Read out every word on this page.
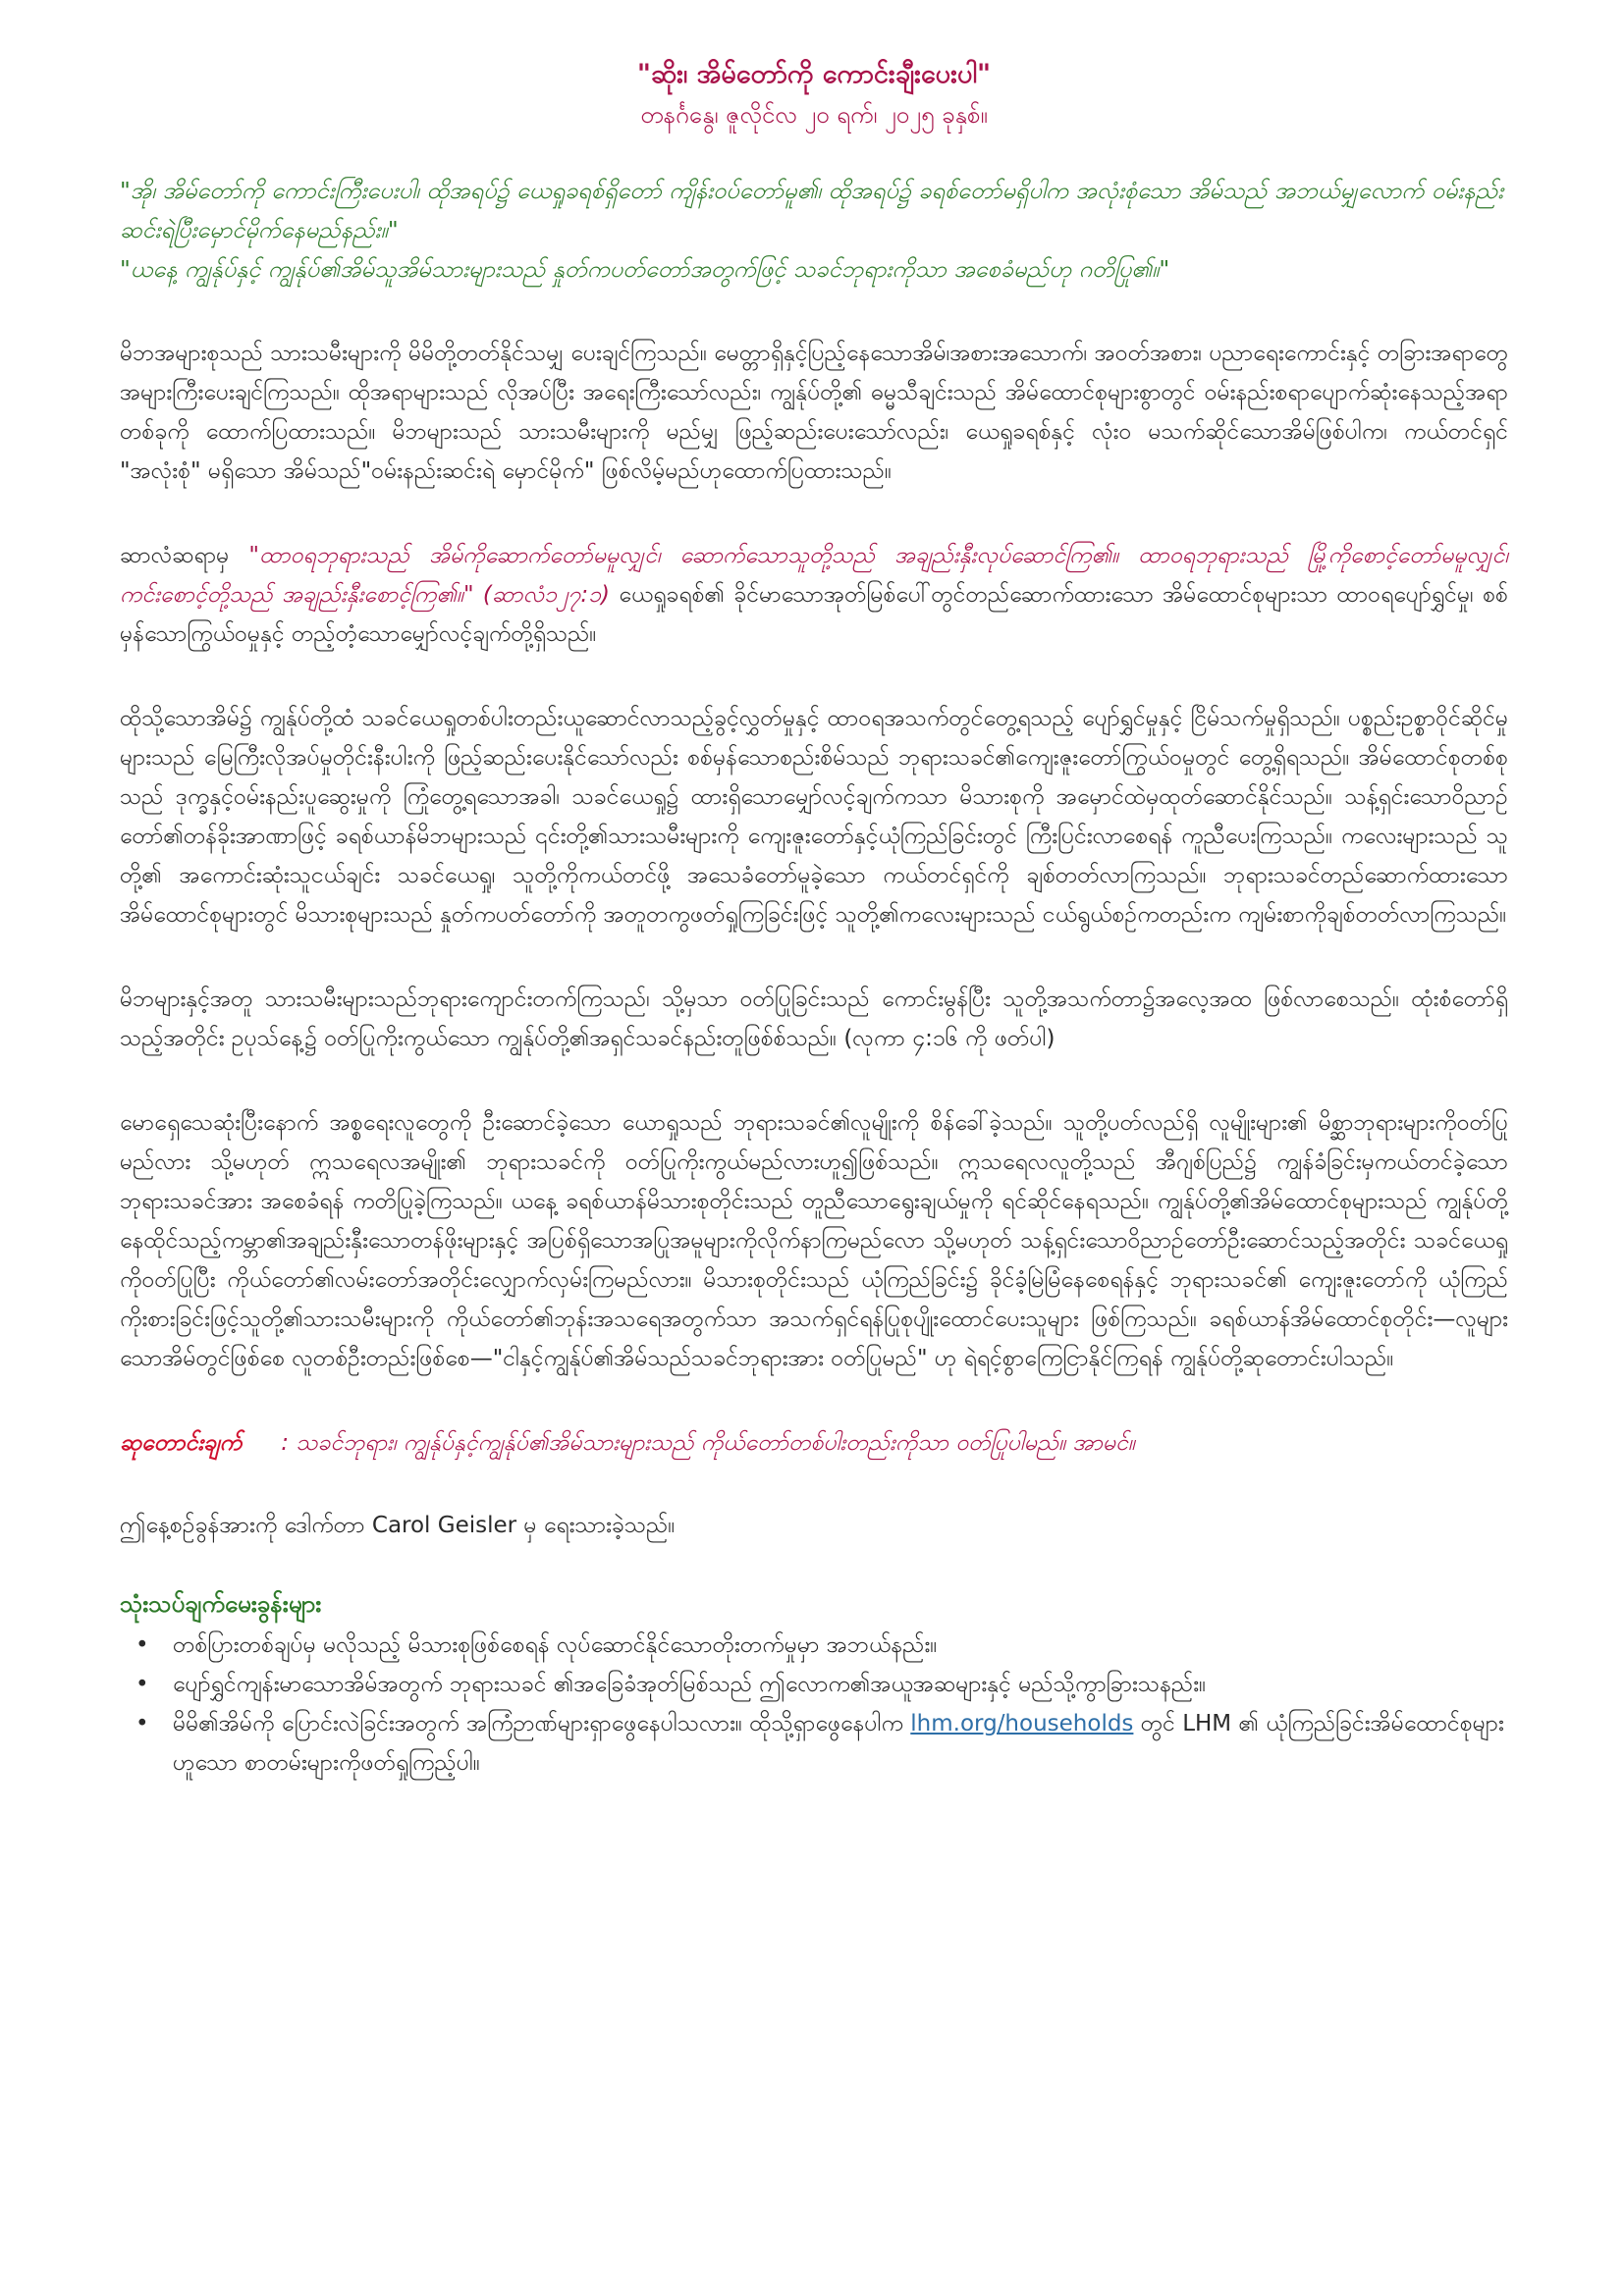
"ဆိုး၊ အိမ်တော်ကို ကောင်းချီးပေးပါ"
တနင်္ဂနွေ၊ ဇူလိုင်လ ၂၀ ရက်၊ ၂၀၂၅ ခုနှစ်။

"အို၊ အိမ်တော်ကို ကောင်းကြီးပေးပါ၊ ထိုအရပ်၌ ယေရှုခရစ်ရှိတော် ကျိန်းဝပ်တော်မူ၏၊ ထိုအရပ်၌ ခရစ်တော်မရှိပါက အလုံးစုံသော အိမ်သည် အဘယ်မျှလောက် ဝမ်းနည်းဆင်းရဲပြီးမှောင်မိုက်နေမည်နည်း။"

"ယနေ့ ကျွန်ုပ်နှင့် ကျွန်ုပ်၏အိမ်သူအိမ်သားများသည် နှုတ်ကပတ်တော်အတွက်ဖြင့် သခင်ဘုရားကိုသာ အစေခံမည်ဟု ဂတိပြု၏။"

မိဘအများစုသည် သားသမီးများကို မိမိတို့တတ်နိုင်သမျှ ပေးချင်ကြသည်။ မေတ္တာရှိနှင့်ပြည့်နေသောအိမ်၊အစားအသောက်၊ အဝတ်အစား၊ ပညာရေးကောင်းနှင့် တခြားအရာတွေ အများကြီးပေးချင်ကြသည်။ ထိုအရာများသည် လိုအပ်ပြီး အရေးကြီးသော်လည်း၊ ကျွန်ုပ်တို့၏ ဓမ္မသီချင်းသည် အိမ်ထောင်စုများစွာတွင် ဝမ်းနည်းစရာပျောက်ဆုံးနေသည့်အရာတစ်ခုကို ထောက်ပြထားသည်။ မိဘများသည် သားသမီးများကို မည်မျှ ဖြည့်ဆည်းပေးသော်လည်း၊ ယေရှုခရစ်နှင့် လုံးဝ မသက်ဆိုင်သောအိမ်ဖြစ်ပါက၊ ကယ်တင်ရှင် "အလုံးစုံ" မရှိသော အိမ်သည်"ဝမ်းနည်းဆင်းရဲ မှောင်မိုက်" ဖြစ်လိမ့်မည်ဟုထောက်ပြထားသည်။

ဆာလံဆရာမှ "ထာဝရဘုရားသည် အိမ်ကိုဆောက်တော်မမူလျှင်၊ ဆောက်သောသူတို့သည် အချည်းနှီးလုပ်ဆောင်ကြ၏။ ထာဝရဘုရားသည် မြို့ကိုစောင့်တော်မမူလျှင်၊ ကင်းစောင့်တို့သည် အချည်းနှီးစောင့်ကြ၏။" (ဆာလံ၁၂၇:၁) ယေရှုခရစ်၏ ခိုင်မာသောအုတ်မြစ်ပေါ်တွင်တည်ဆောက်ထားသော အိမ်ထောင်စုများသာ ထာဝရပျော်ရွှင်မှု၊ စစ်မှန်သောကြွယ်ဝမှုနှင့် တည့်တံ့သောမျှော်လင့်ချက်တို့ရှိသည်။

ထိုသို့သောအိမ်၌ ကျွန်ုပ်တို့ထံ သခင်ယေရှုတစ်ပါးတည်းယူဆောင်လာသည့်ခွင့်လွှတ်မှုနှင့် ထာဝရအသက်တွင်တွေ့ရသည့် ပျော်ရွှင်မှုနှင့် ငြိမ်သက်မှုရှိသည်။ ပစ္စည်းဥစ္စာဝိုင်ဆိုင်မှုများသည် မြေကြီးလိုအပ်မှုတိုင်းနီးပါးကို ဖြည့်ဆည်းပေးနိုင်သော်လည်း စစ်မှန်သောစည်းစိမ်သည် ဘုရားသခင်၏ကျေးဇူးတော်ကြွယ်ဝမှုတွင် တွေ့ရှိရသည်။ အိမ်ထောင်စုတစ်စုသည် ဒုက္ခနှင့်ဝမ်းနည်းပူဆွေးမှုကို ကြုံတွေ့ရသောအခါ၊ သခင်ယေရှု၌ ထားရှိသောမျှော်လင့်ချက်ကသာ မိသားစုကို အမှောင်ထဲမှထုတ်ဆောင်နိုင်သည်။ သန့်ရှင်းသောဝိညာဉ်တော်၏တန်ခိုးအာဏာဖြင့် ခရစ်ယာန်မိဘများသည် ၎င်းတို့၏သားသမီးများကို ကျေးဇူးတော်နှင့်ယုံကြည်ခြင်းတွင် ကြီးပြင်းလာစေရန် ကူညီပေးကြသည်။ ကလေးများသည် သူတို့၏ အကောင်းဆုံးသူငယ်ချင်း သခင်ယေရှု၊ သူတို့ကိုကယ်တင်ဖို့ အသေခံတော်မူခဲ့သော ကယ်တင်ရှင်ကို ချစ်တတ်လာကြသည်။ ဘုရားသခင်တည်ဆောက်ထားသောအိမ်ထောင်စုများတွင် မိသားစုများသည် နှုတ်ကပတ်တော်ကို အတူတကွဖတ်ရှုကြခြင်းဖြင့် သူတို့၏ကလေးများသည် ငယ်ရွယ်စဉ်ကတည်းက ကျမ်းစာကိုချစ်တတ်လာကြသည်။

မိဘများနှင့်အတူ သားသမီးများသည်ဘုရားကျောင်းတက်ကြသည်၊ သို့မှသာ ဝတ်ပြုခြင်းသည် ကောင်းမွန်ပြီး သူတို့အသက်တာ၌အလေ့အထ ဖြစ်လာစေသည်။ ထုံးစံတော်ရှိသည့်အတိုင်း ဥပုသ်နေ့၌ ဝတ်ပြုကိုးကွယ်သော ကျွန်ုပ်တို့၏အရှင်သခင်နည်းတူဖြစ်စ်သည်။ (လုကာ ၄:၁၆ ကို ဖတ်ပါ)

မောရှေသေဆုံးပြီးနောက် အစ္စရေးလူတွေကို ဦးဆောင်ခဲ့သော ယောရှုသည် ဘုရားသခင်၏လူမျိုးကို စိန်ခေါ်ခဲ့သည်။ သူတို့ပတ်လည်ရှိ လူမျိုးများ၏ မိစ္ဆာဘုရားများကိုဝတ်ပြုမည်လား သို့မဟုတ် ဣသရေလအမျိုး၏ ဘုရားသခင်ကို ဝတ်ပြုကိုးကွယ်မည်လားဟူ၍ဖြစ်သည်။ ဣသရေလလူတို့သည် အီဂျစ်ပြည်၌ ကျွန်ခံခြင်းမှကယ်တင်ခဲ့သော ဘုရားသခင်အား အစေခံရန် ကတိပြုခဲ့ကြသည်။ ယနေ့ ခရစ်ယာန်မိသားစုတိုင်းသည် တူညီသောရွေးချယ်မှုကို ရင်ဆိုင်နေရသည်။ ကျွန်ုပ်တို့၏အိမ်ထောင်စုများသည် ကျွန်ုပ်တို့နေထိုင်သည့်ကမ္ဘာ၏အချည်းနှီးသောတန်ဖိုးများနှင့် အပြစ်ရှိသောအပြုအမူများကိုလိုက်နာကြမည်လော သို့မဟုတ် သန့်ရှင်းသောဝိညာဉ်တော်ဦးဆောင်သည့်အတိုင်း သခင်ယေရှုကိုဝတ်ပြုပြီး ကိုယ်တော်၏လမ်းတော်အတိုင်းလျှောက်လှမ်းကြမည်လား။ မိသားစုတိုင်းသည် ယုံကြည်ခြင်း၌ ခိုင်ခံ့မြဲမြံနေစေရန်နှင့် ဘုရားသခင်၏ ကျေးဇူးတော်ကို ယုံကြည်ကိုးစားခြင်းဖြင့်သူတို့၏သားသမီးများကို ကိုယ်တော်၏ဘုန်းအသရေအတွက်သာ အသက်ရှင်ရန်ပြုစုပျိုးထောင်ပေးသူများ ဖြစ်ကြသည်။ ခရစ်ယာန်အိမ်ထောင်စုတိုင်း—လူများသောအိမ်တွင်ဖြစ်စေ လူတစ်ဦးတည်းဖြစ်စေ—"ငါနှင့်ကျွန်ုပ်၏အိမ်သည်သခင်ဘုရားအား ဝတ်ပြုမည်" ဟု ရဲရင့်စွာကြေငြာနိုင်ကြရန် ကျွန်ုပ်တို့ဆုတောင်းပါသည်။

ဆုတောင်းချက် : သခင်ဘုရား၊ ကျွန်ုပ်နှင့်ကျွန်ုပ်၏အိမ်သားများသည် ကိုယ်တော်တစ်ပါးတည်းကိုသာ ဝတ်ပြုပါမည်။ အာမင်။

ဤနေ့စဉ်ခွန်အားကို ဒေါက်တာ Carol Geisler မှ ရေးသားခဲ့သည်။

သုံးသပ်ချက်မေးခွန်းများ
• တစ်ပြားတစ်ချပ်မှ မလိုသည့် မိသားစုဖြစ်စေရန် လုပ်ဆောင်နိုင်သောတိုးတက်မှုမှာ အဘယ်နည်း။
• ပျော်ရွှင်ကျန်းမာသောအိမ်အတွက် ဘုရားသခင် ၏အခြေခံအုတ်မြစ်သည် ဤလောက၏အယူအဆများနှင့် မည်သို့ကွာခြားသနည်း။
• မိမိ၏အိမ်ကို ပြောင်းလဲခြင်းအတွက် အကြံဉာဏ်များရှာဖွေနေပါသလား။ ထိုသို့ရှာဖွေနေပါက lhm.org/households တွင် LHM ၏ ယုံကြည်ခြင်းအိမ်ထောင်စုများဟူသော စာတမ်းများကိုဖတ်ရှုကြည့်ပါ။
